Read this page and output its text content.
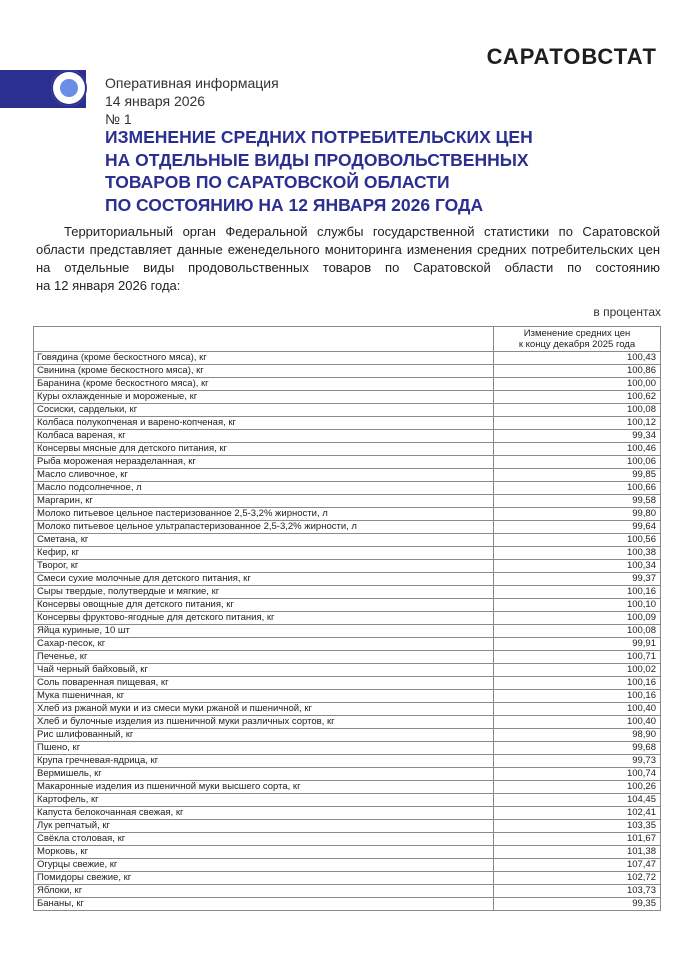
САРАТОВСТАТ
Оперативная информация
14 января 2026
№ 1
ИЗМЕНЕНИЕ СРЕДНИХ ПОТРЕБИТЕЛЬСКИХ ЦЕН
НА ОТДЕЛЬНЫЕ ВИДЫ ПРОДОВОЛЬСТВЕННЫХ
ТОВАРОВ ПО САРАТОВСКОЙ ОБЛАСТИ
ПО СОСТОЯНИЮ НА 12 ЯНВАРЯ 2026 ГОДА
Территориальный орган Федеральной службы государственной статистики по Саратовской
области представляет данные еженедельного мониторинга изменения средних потребительских цен
на отдельные виды продовольственных товаров по Саратовской области по состоянию
на 12 января 2026 года:
в процентах

	Изменение средних цен
к концу декабря 2025 года

Говядина (кроме бескостного мяса), кг	100,43
Свинина (кроме бескостного мяса), кг	100,86
Баранина (кроме бескостного мяса), кг	100,00
Куры охлажденные и мороженые, кг	100,62
Сосиски, сардельки, кг	100,08
Колбаса полукопченая и варено-копченая, кг	100,12
Колбаса вареная, кг	99,34
Консервы мясные для детского питания, кг	100,46
Рыба мороженая неразделанная, кг	100,06
Масло сливочное, кг	99,85
Масло подсолнечное, л	100,66
Маргарин, кг	99,58
Молоко питьевое цельное пастеризованное 2,5-3,2% жирности, л	99,80
Молоко питьевое цельное ультрапастеризованное 2,5-3,2% жирности, л	99,64
Сметана, кг	100,56
Кефир, кг	100,38
Творог, кг	100,34
Смеси сухие молочные для детского питания, кг	99,37
Сыры твердые, полутвердые и мягкие, кг	100,16
Консервы овощные для детского питания, кг	100,10
Консервы фруктово-ягодные для детского питания, кг	100,09
Яйца куриные, 10 шт	100,08
Сахар-песок, кг	99,91
Печенье, кг	100,71
Чай черный байховый, кг	100,02
Соль поваренная пищевая, кг	100,16
Мука пшеничная, кг	100,16
Хлеб из ржаной муки и из смеси муки ржаной и пшеничной, кг	100,40
Хлеб и булочные изделия из пшеничной муки различных сортов, кг	100,40
Рис шлифованный, кг	98,90
Пшено, кг	99,68
Крупа гречневая-ядрица, кг	99,73
Вермишель, кг	100,74
Макаронные изделия из пшеничной муки высшего сорта, кг	100,26
Картофель, кг	104,45
Капуста белокочанная свежая, кг	102,41
Лук репчатый, кг	103,35
Свёкла столовая, кг	101,67
Морковь, кг	101,38
Огурцы свежие, кг	107,47
Помидоры свежие, кг	102,72
Яблоки, кг	103,73
Бананы, кг	99,35
